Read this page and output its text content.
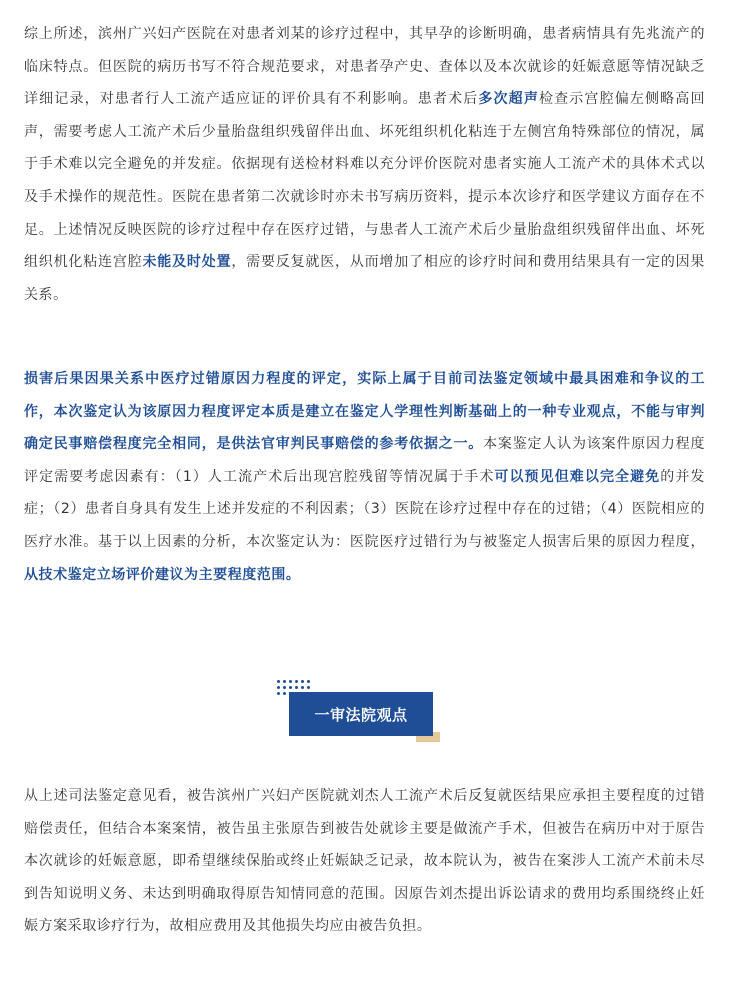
综上所述，滨州广兴妇产医院在对患者刘某的诊疗过程中，其早孕的诊断明确，患者病情具有先兆流产的临床特点。但医院的病历书写不符合规范要求，对患者孕产史、查体以及本次就诊的妊娠意愿等情况缺乏详细记录，对患者行人工流产适应证的评价具有不利影响。患者术后多次超声检查示宫腔偏左侧略高回声，需要考虑人工流产术后少量胎盘组织残留伴出血、坏死组织机化粘连于左侧宫角特殊部位的情况，属于手术难以完全避免的并发症。依据现有送检材料难以充分评价医院对患者实施人工流产术的具体术式以及手术操作的规范性。医院在患者第二次就诊时亦未书写病历资料，提示本次诊疗和医学建议方面存在不足。上述情况反映医院的诊疗过程中存在医疗过错，与患者人工流产术后少量胎盘组织残留伴出血、坏死组织机化粘连宫腔未能及时处置，需要反复就医，从而增加了相应的诊疗时间和费用结果具有一定的因果关系。

损害后果因果关系中医疗过错原因力程度的评定，实际上属于目前司法鉴定领域中最具困难和争议的工作，本次鉴定认为该原因力程度评定本质是建立在鉴定人学理性判断基础上的一种专业观点，不能与审判确定民事赔偿程度完全相同，是供法官审判民事赔偿的参考依据之一。本案鉴定人认为该案件原因力程度评定需要考虑因素有：（1）人工流产术后出现宫腔残留等情况属于手术可以预见但难以完全避免的并发症；（2）患者自身具有发生上述并发症的不利因素；（3）医院在诊疗过程中存在的过错；（4）医院相应的医疗水准。基于以上因素的分析，本次鉴定认为：医院医疗过错行为与被鉴定人损害后果的原因力程度，从技术鉴定立场评价建议为主要程度范围。

一审法院观点

从上述司法鉴定意见看，被告滨州广兴妇产医院就刘杰人工流产术后反复就医结果应承担主要程度的过错赔偿责任，但结合本案案情，被告虽主张原告到被告处就诊主要是做流产手术，但被告在病历中对于原告本次就诊的妊娠意愿，即希望继续保胎或终止妊娠缺乏记录，故本院认为，被告在案涉人工流产术前未尽到告知说明义务、未达到明确取得原告知情同意的范围。因原告刘杰提出诉讼请求的费用均系围绕终止妊娠方案采取诊疗行为，故相应费用及其他损失均应由被告负担。
